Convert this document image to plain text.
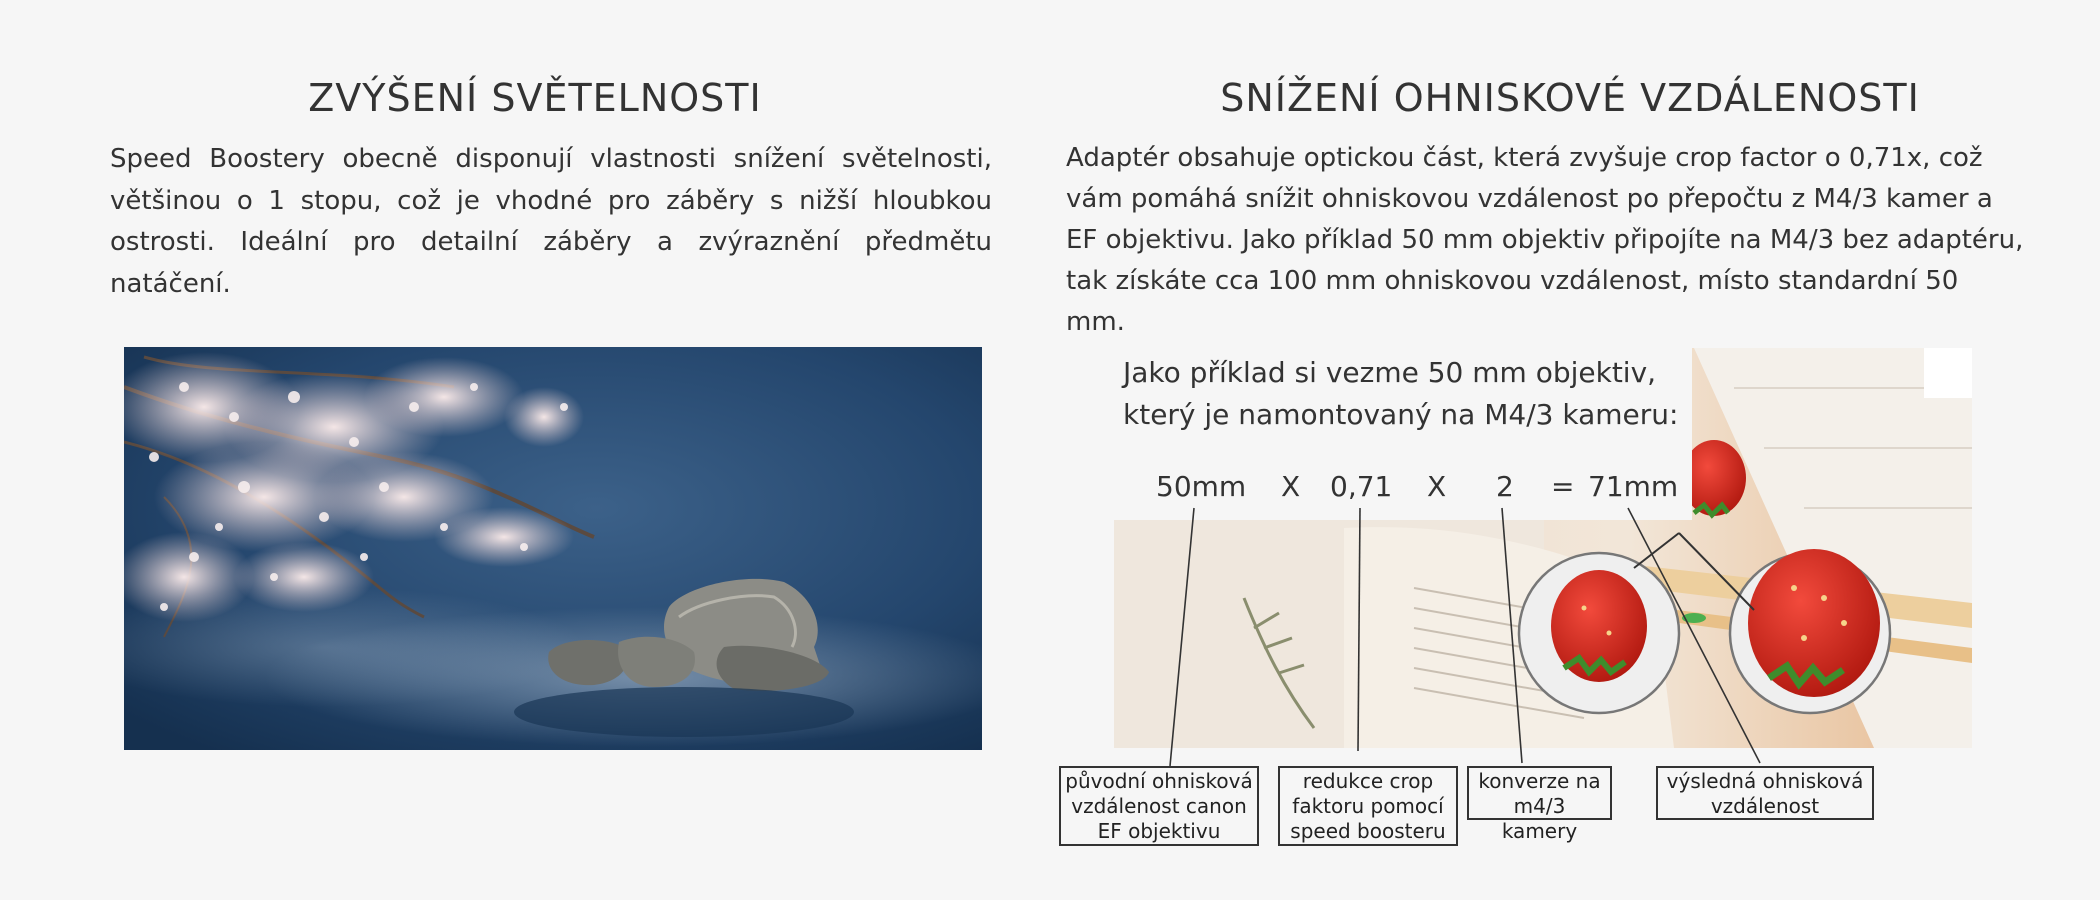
ZVÝŠENÍ SVĚTELNOSTI

Speed Boostery obecně disponují vlastnosti snížení světelnosti, většinou o 1 stopu, což je vhodné pro záběry s nižší hloubkou ostrosti. Ideální pro detailní záběry a zvýraznění předmětu natáčení.

SNÍŽENÍ OHNISKOVÉ VZDÁLENOSTI

Adaptér obsahuje optickou část, která zvyšuje crop factor o 0,71x, což vám pomáhá snížit ohniskovou vzdálenost po přepočtu z M4/3 kamer a EF objektivu. Jako příklad 50 mm objektiv připojíte na M4/3 bez adaptéru, tak získáte cca 100 mm ohniskovou vzdálenost, místo standardní 50 mm.

Jako příklad si vezme 50 mm objektiv,
který je namontovaný na M4/3 kameru:
50mm X 0,71 X 2 = 71mm
původní ohnisková vzdálenost canon EF objektivu
redukce crop faktoru pomocí speed boosteru
konverze na m4/3 kamery
výsledná ohnisková vzdálenost
